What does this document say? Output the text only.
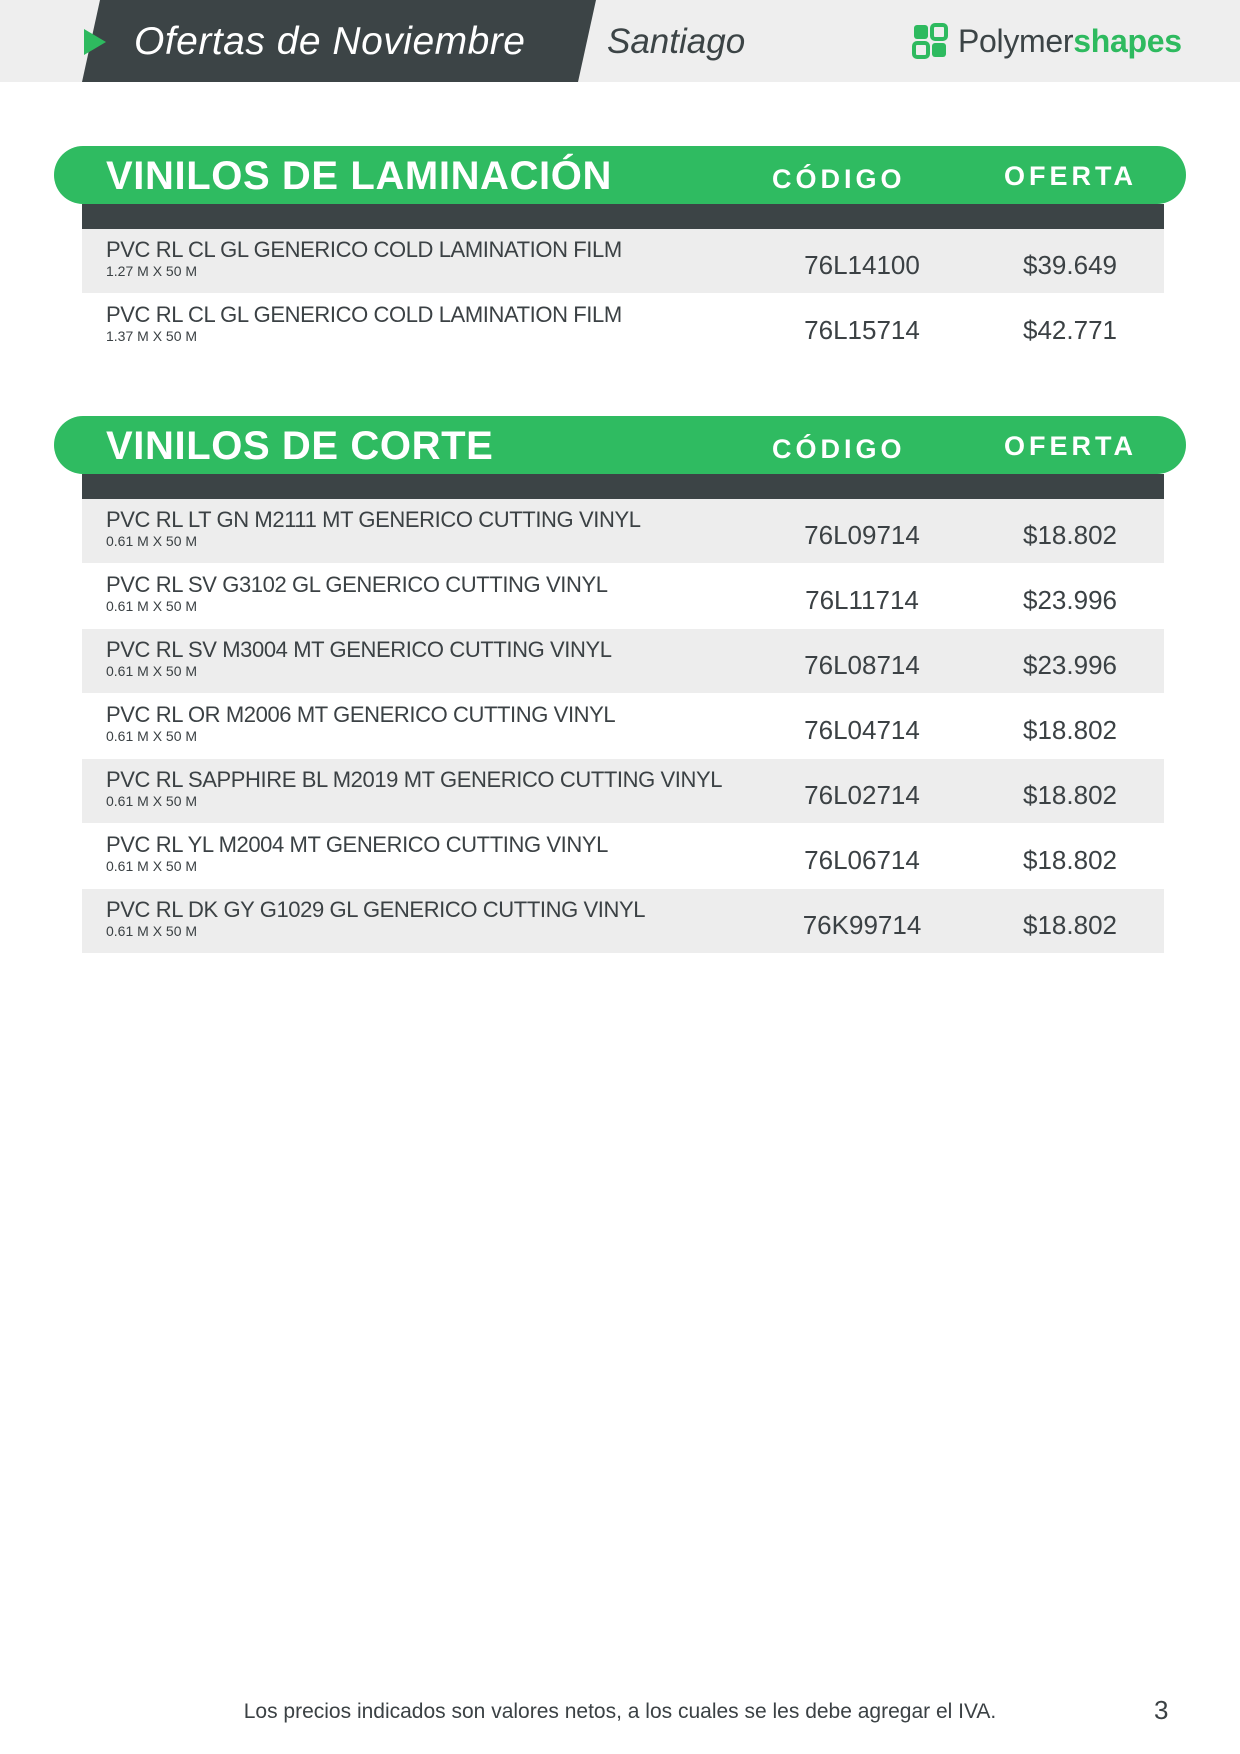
Ofertas de Noviembre Santiago	Polymershapes
VINILOS DE LAMINACIÓN	CÓDIGO	OFERTA
PVC RL CL GL GENERICO COLD LAMINATION FILM
1.27 M X 50 M	76L14100	$39.649
PVC RL CL GL GENERICO COLD LAMINATION FILM
1.37 M X 50 M	76L15714	$42.771
VINILOS DE CORTE	CÓDIGO	OFERTA
PVC RL LT GN M2111 MT GENERICO CUTTING VINYL
0.61 M X 50 M	76L09714	$18.802
PVC RL SV G3102 GL GENERICO CUTTING VINYL
0.61 M X 50 M	76L11714	$23.996
PVC RL SV M3004 MT GENERICO CUTTING VINYL
0.61 M X 50 M	76L08714	$23.996
PVC RL OR M2006 MT GENERICO CUTTING VINYL
0.61 M X 50 M	76L04714	$18.802
PVC RL SAPPHIRE BL M2019 MT GENERICO CUTTING VINYL
0.61 M X 50 M	76L02714	$18.802
PVC RL YL M2004 MT GENERICO CUTTING VINYL
0.61 M X 50 M	76L06714	$18.802
PVC RL DK GY G1029 GL GENERICO CUTTING VINYL
0.61 M X 50 M	76K99714	$18.802
Los precios indicados son valores netos, a los cuales se les debe agregar el IVA.	3
